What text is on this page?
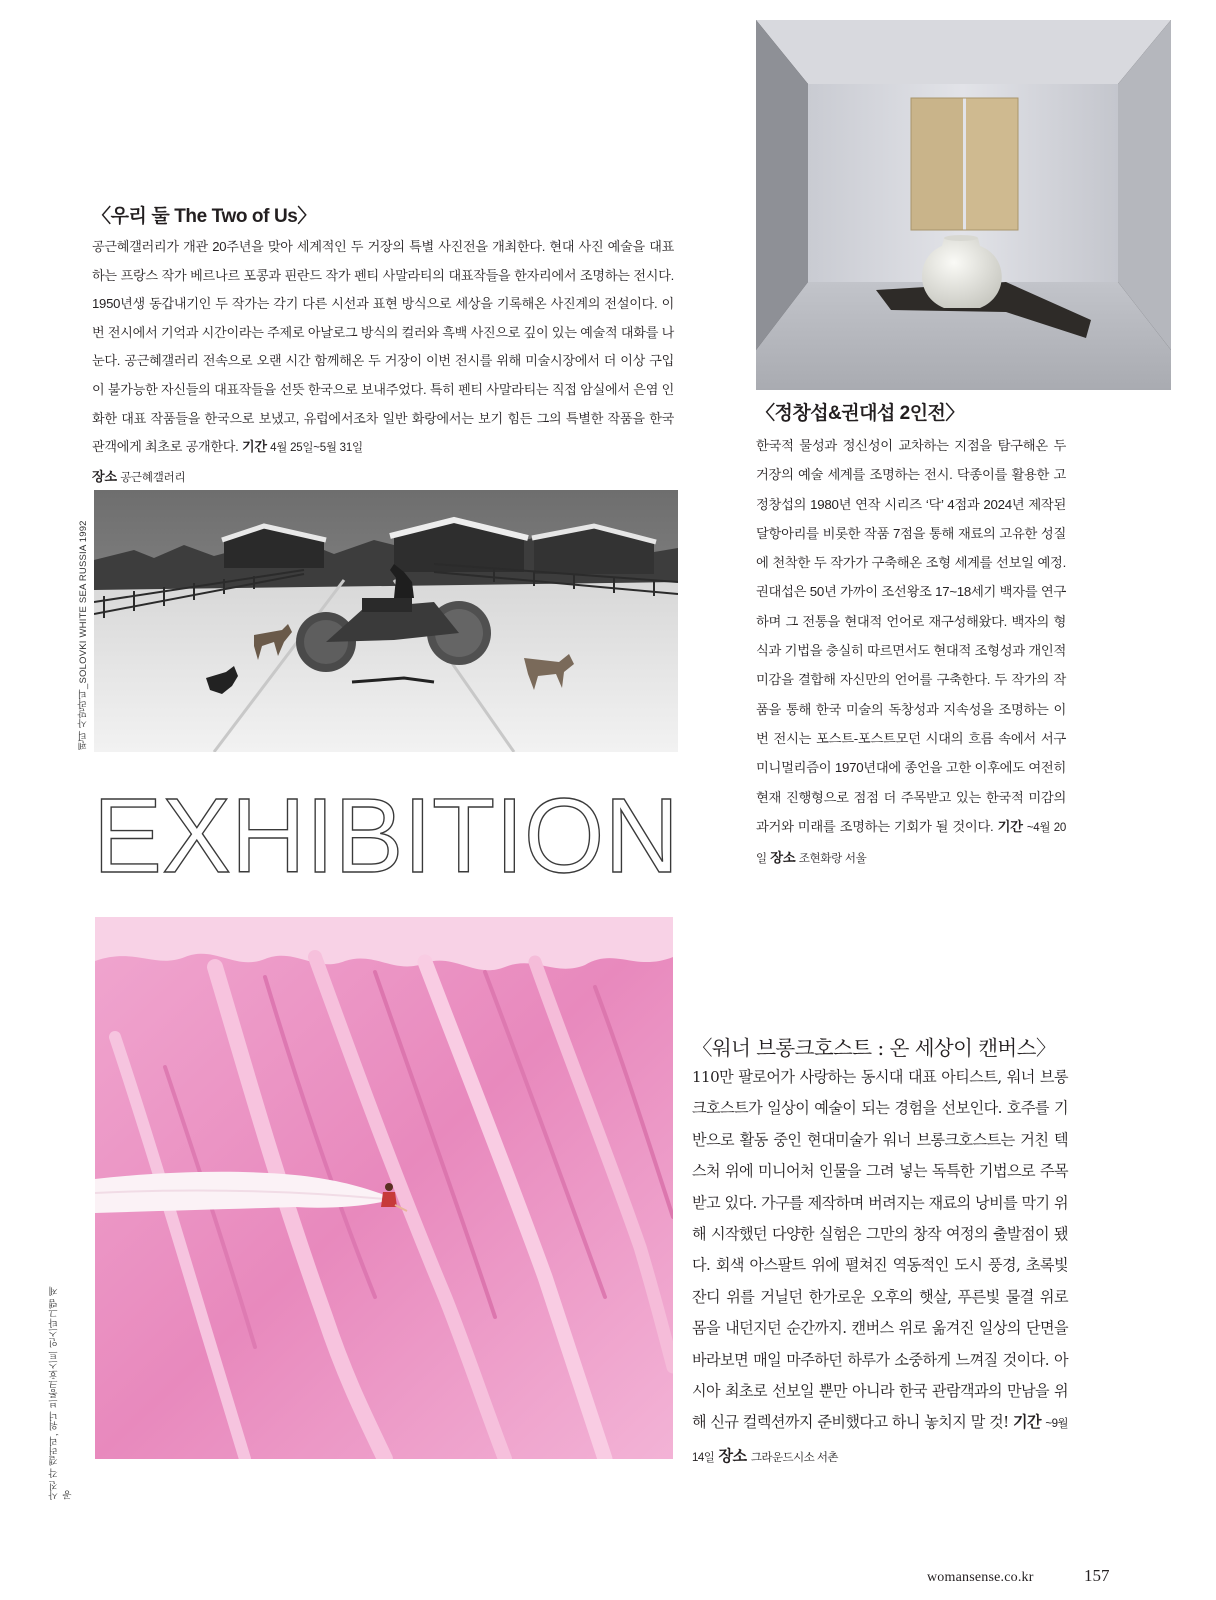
〈우리 둘 The Two of Us〉

공근혜갤러리가 개관 20주년을 맞아 세계적인 두 거장의 특별 사진전을 개최한다. 현대 사진 예술을 대표하는 프랑스 작가 베르나르 포콩과 핀란드 작가 펜티 사말라티의 대표작들을 한자리에서 조명하는 전시다. 1950년생 동갑내기인 두 작가는 각기 다른 시선과 표현 방식으로 세상을 기록해온 사진계의 전설이다. 이번 전시에서 기억과 시간이라는 주제로 아날로그 방식의 컬러와 흑백 사진으로 깊이 있는 예술적 대화를 나눈다. 공근혜갤러리 전속으로 오랜 시간 함께해온 두 거장이 이번 전시를 위해 미술시장에서 더 이상 구입이 불가능한 자신들의 대표작들을 선뜻 한국으로 보내주었다. 특히 펜티 사말라티는 직접 암실에서 은염 인화한 대표 작품들을 한국으로 보냈고, 유럽에서조차 일반 화랑에서는 보기 힘든 그의 특별한 작품을 한국 관객에게 최초로 공개한다. 기간 4월 25일~5월 31일
장소 공근혜갤러리

펜티 사말라티_SOLOVKI WHITE SEA RUSSIA 1992
EXHIBITION
〈정창섭&권대섭 2인전〉

한국적 물성과 정신성이 교차하는 지점을 탐구해온 두 거장의 예술 세계를 조명하는 전시. 닥종이를 활용한 고 정창섭의 1980년 연작 시리즈 ‘닥’ 4점과 2024년 제작된 달항아리를 비롯한 작품 7점을 통해 재료의 고유한 성질에 천착한 두 작가가 구축해온 조형 세계를 선보일 예정. 권대섭은 50년 가까이 조선왕조 17~18세기 백자를 연구하며 그 전통을 현대적 언어로 재구성해왔다. 백자의 형식과 기법을 충실히 따르면서도 현대적 조형성과 개인적 미감을 결합해 자신만의 언어를 구축한다. 두 작가의 작품을 통해 한국 미술의 독창성과 지속성을 조명하는 이번 전시는 포스트-포스트모던 시대의 흐름 속에서 서구 미니멀리즘이 1970년대에 종언을 고한 이후에도 여전히 현재 진행형으로 점점 더 주목받고 있는 한국적 미감의 과거와 미래를 조명하는 기회가 될 것이다. 기간 ~4월 20일 장소 조현화랑 서울

사진 각 갤러리, 워너 브롱크호스트 인스타그램 제공
〈워너 브롱크호스트 : 온 세상이 캔버스〉

110만 팔로어가 사랑하는 동시대 대표 아티스트, 워너 브롱크호스트가 일상이 예술이 되는 경험을 선보인다. 호주를 기반으로 활동 중인 현대미술가 워너 브롱크호스트는 거친 텍스처 위에 미니어처 인물을 그려 넣는 독특한 기법으로 주목받고 있다. 가구를 제작하며 버려지는 재료의 낭비를 막기 위해 시작했던 다양한 실험은 그만의 창작 여정의 출발점이 됐다. 회색 아스팔트 위에 펼쳐진 역동적인 도시 풍경, 초록빛 잔디 위를 거닐던 한가로운 오후의 햇살, 푸른빛 물결 위로 몸을 내던지던 순간까지. 캔버스 위로 옮겨진 일상의 단면을 바라보면 매일 마주하던 하루가 소중하게 느껴질 것이다. 아시아 최초로 선보일 뿐만 아니라 한국 관람객과의 만남을 위해 신규 컬렉션까지 준비했다고 하니 놓치지 말 것! 기간 ~9월 14일 장소 그라운드시소 서촌

womansense.co.kr	157
